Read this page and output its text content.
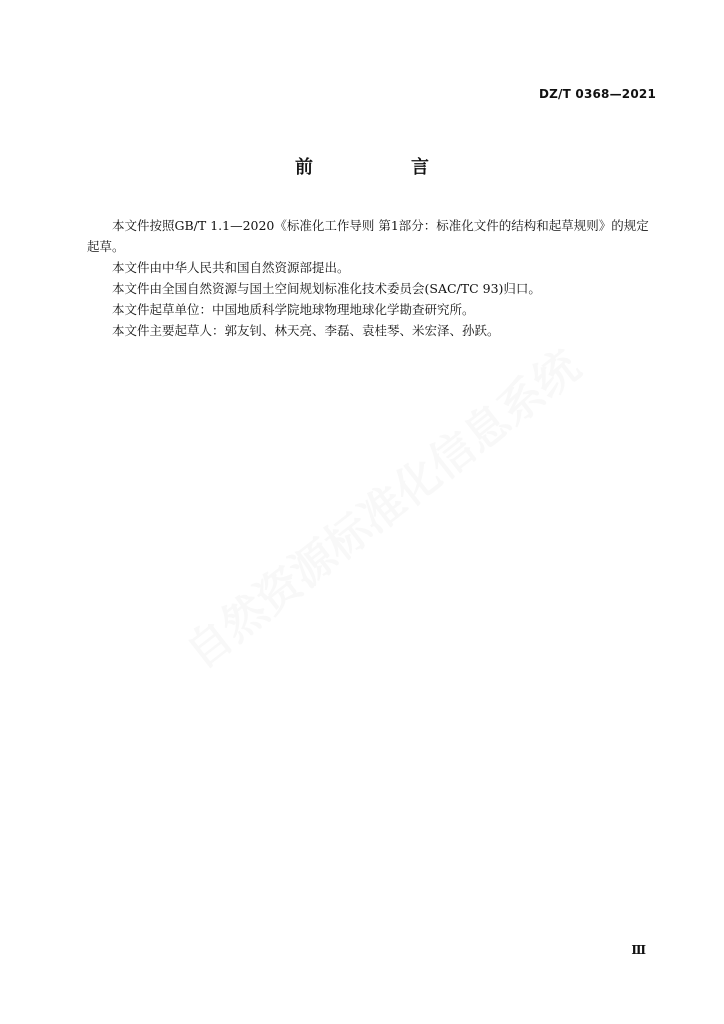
DZ/T 0368—2021
前　言

本文件按照GB/T 1.1—2020《标准化工作导则 第1部分：标准化文件的结构和起草规则》的规定起草。

本文件由中华人民共和国自然资源部提出。

本文件由全国自然资源与国土空间规划标准化技术委员会(SAC/TC 93)归口。

本文件起草单位：中国地质科学院地球物理地球化学勘查研究所。

本文件主要起草人：郭友钊、林天亮、李磊、袁桂琴、米宏泽、孙跃。

自然资源标准化信息系统
Ⅲ
